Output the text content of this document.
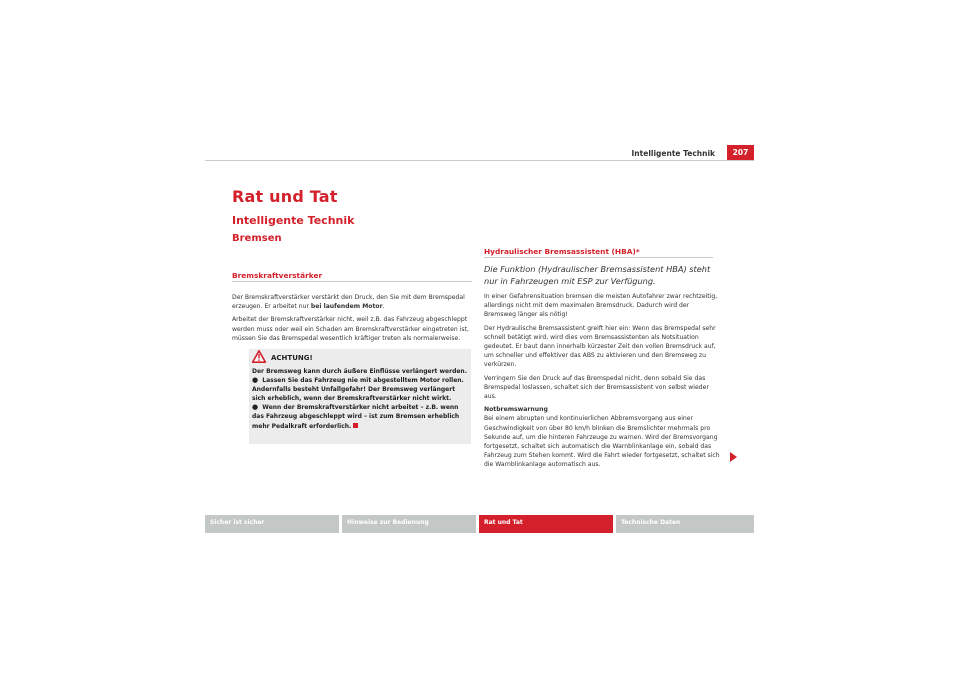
Intelligente Technik	207
Rat und Tat
Intelligente Technik
Bremsen
Bremskraftverstärker

Der Bremskraftverstärker verstärkt den Druck, den Sie mit dem Bremspedal erzeugen. Er arbeitet nur bei laufendem Motor.

Arbeitet der Bremskraftverstärker nicht, weil z.B. das Fahrzeug abgeschleppt werden muss oder weil ein Schaden am Bremskraftverstärker eingetreten ist, müssen Sie das Bremspedal wesentlich kräftiger treten als normalerweise.

ACHTUNG!

Der Bremsweg kann durch äußere Einflüsse verlängert werden.

● Lassen Sie das Fahrzeug nie mit abgestelltem Motor rollen. Andernfalls besteht Unfallgefahr! Der Bremsweg verlängert sich erheblich, wenn der Bremskraftverstärker nicht wirkt.

● Wenn der Bremskraftverstärker nicht arbeitet – z.B. wenn das Fahrzeug abgeschleppt wird – ist zum Bremsen erheblich mehr Pedalkraft erforderlich.

Hydraulischer Bremsassistent (HBA)*
Die Funktion (Hydraulischer Bremsassistent HBA) steht nur in Fahrzeugen mit ESP zur Verfügung.

In einer Gefahrensituation bremsen die meisten Autofahrer zwar rechtzeitig, allerdings nicht mit dem maximalen Bremsdruck. Dadurch wird der Bremsweg länger als nötig!

Der Hydraulische Bremsassistent greift hier ein: Wenn das Bremspedal sehr schnell betätigt wird, wird dies vom Bremsassistenten als Notsituation gedeutet. Er baut dann innerhalb kürzester Zeit den vollen Bremsdruck auf, um schneller und effektiver das ABS zu aktivieren und den Bremsweg zu verkürzen.

Verringern Sie den Druck auf das Bremspedal nicht, denn sobald Sie das Bremspedal loslassen, schaltet sich der Bremsassistent von selbst wieder aus.

Notbremswarnung

Bei einem abrupten und kontinuierlichen Abbremsvorgang aus einer Geschwindigkeit von über 80 km/h blinken die Bremslichter mehrmals pro Sekunde auf, um die hinteren Fahrzeuge zu warnen. Wird der Bremsvorgang fortgesetzt, schaltet sich automatisch die Warnblinkanlage ein, sobald das Fahrzeug zum Stehen kommt. Wird die Fahrt wieder fortgesetzt, schaltet sich die Warnblinkanlage automatisch aus.

Sicher ist sicher	Hinweise zur Bedienung	Rat und Tat	Technische Daten
